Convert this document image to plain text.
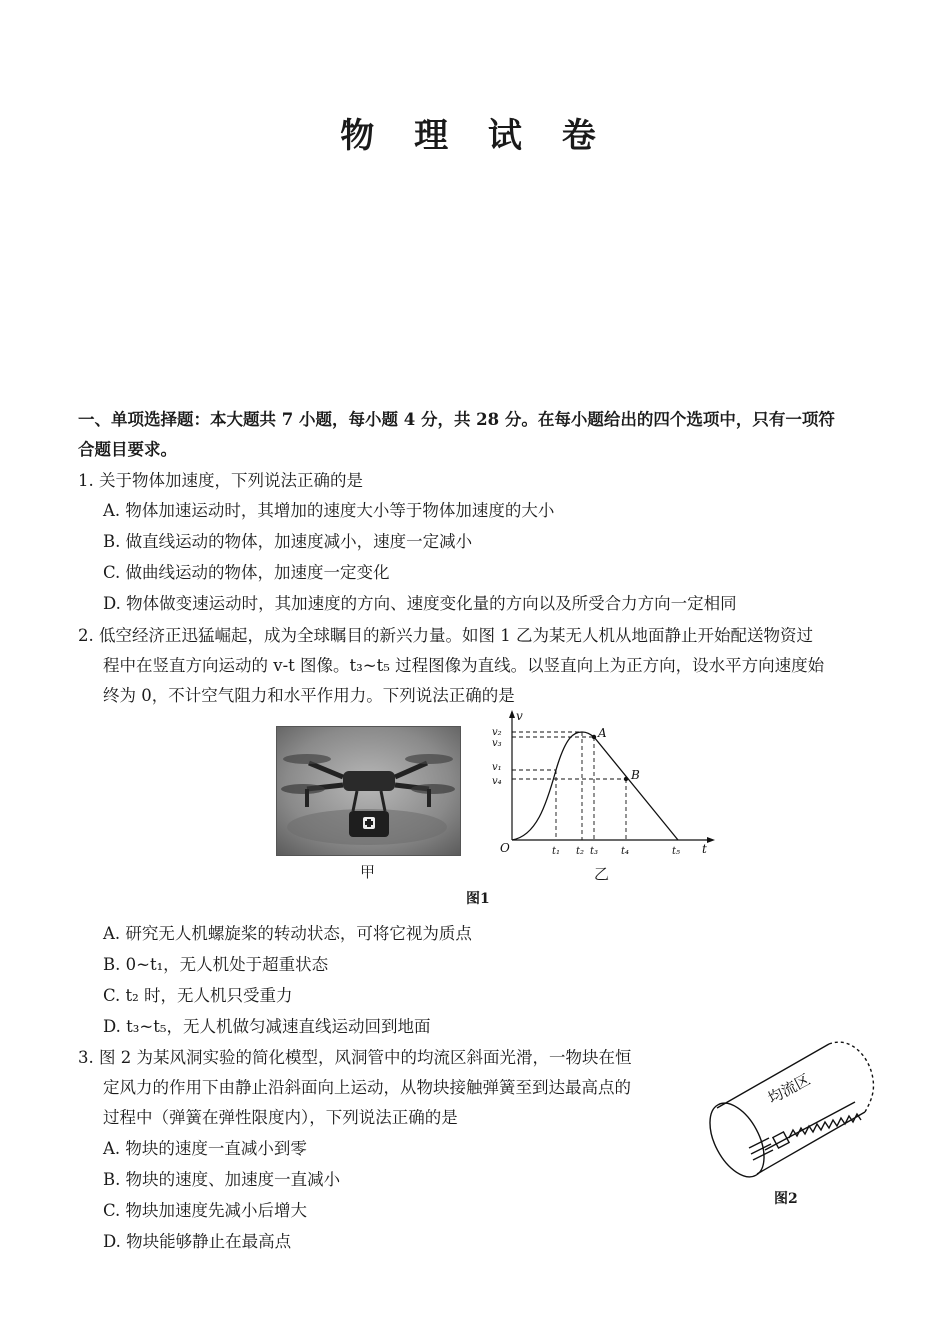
物 理 试 卷
一、单项选择题：本大题共 7 小题，每小题 4 分，共 28 分。在每小题给出的四个选项中，只有一项符
合题目要求。
1. 关于物体加速度，下列说法正确的是
A. 物体加速运动时，其增加的速度大小等于物体加速度的大小
B. 做直线运动的物体，加速度减小，速度一定减小
C. 做曲线运动的物体，加速度一定变化
D. 物体做变速运动时，其加速度的方向、速度变化量的方向以及所受合力方向一定相同
2. 低空经济正迅猛崛起，成为全球瞩目的新兴力量。如图 1 乙为某无人机从地面静止开始配送物资过
程中在竖直方向运动的 v-t 图像。t₃~t₅ 过程图像为直线。以竖直向上为正方向，设水平方向速度始
终为 0，不计空气阻力和水平作用力。下列说法正确的是
甲
v
t
O
A
B
v₂
v₃
v₁
v₄
t₁ t₂ t₃ t₄	t₅
乙
图1
A. 研究无人机螺旋桨的转动状态，可将它视为质点
B. 0~t₁，无人机处于超重状态
C. t₂ 时，无人机只受重力
D. t₃~t₅，无人机做匀减速直线运动回到地面
3. 图 2 为某风洞实验的简化模型，风洞管中的均流区斜面光滑，一物块在恒
定风力的作用下由静止沿斜面向上运动，从物块接触弹簧至到达最高点的
过程中（弹簧在弹性限度内），下列说法正确的是
A. 物块的速度一直减小到零
B. 物块的速度、加速度一直减小
C. 物块加速度先减小后增大
D. 物块能够静止在最高点
均流区
图2
